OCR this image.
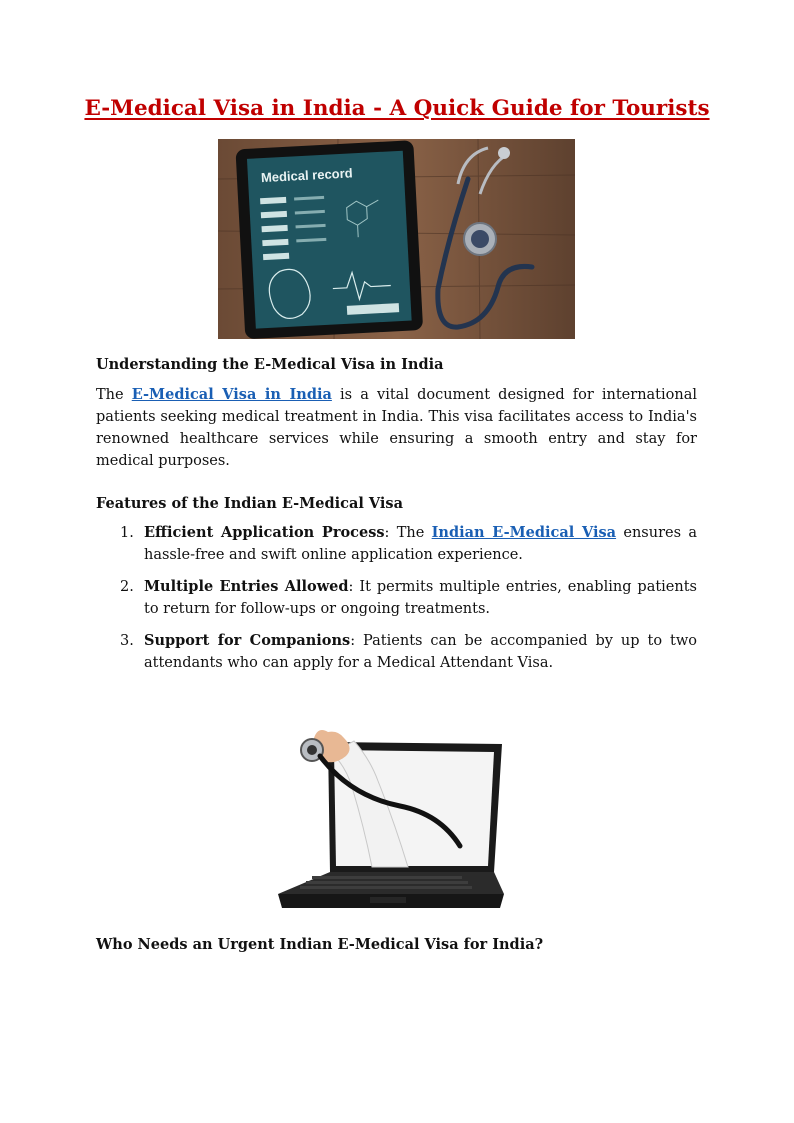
E-Medical Visa in India - A Quick Guide for Tourists
Medical record
Understanding the E-Medical Visa in India

The E-Medical Visa in India is a vital document designed for international patients seeking medical treatment in India. This visa facilitates access to India's renowned healthcare services while ensuring a smooth entry and stay for medical purposes.

Features of the Indian E-Medical Visa
1. Efficient Application Process: The Indian E-Medical Visa ensures a hassle-free and swift online application experience.
2. Multiple Entries Allowed: It permits multiple entries, enabling patients to return for follow-ups or ongoing treatments.
3. Support for Companions: Patients can be accompanied by up to two attendants who can apply for a Medical Attendant Visa.
Who Needs an Urgent Indian E-Medical Visa for India?
